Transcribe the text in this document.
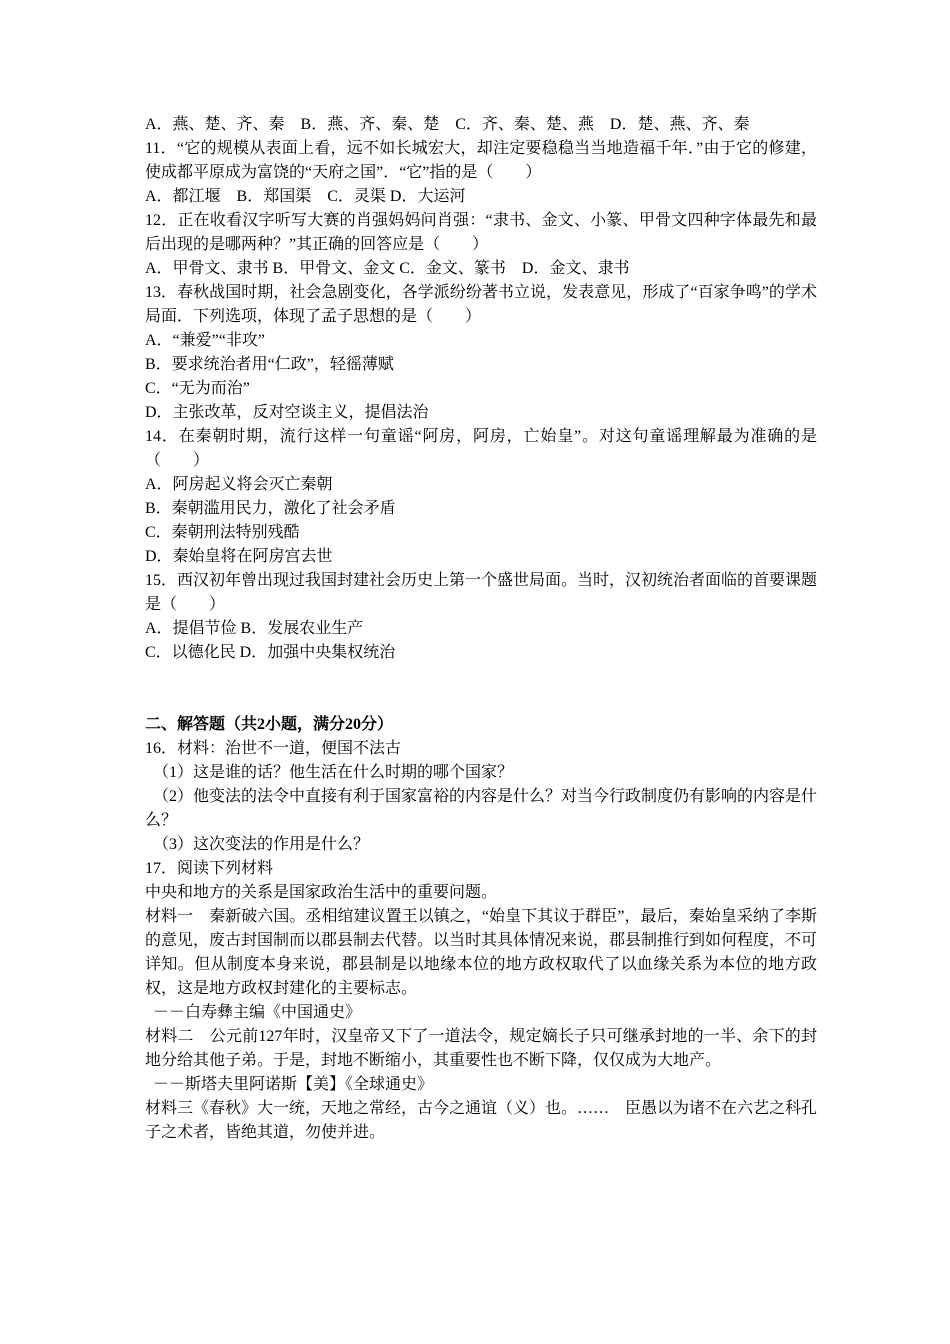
A．燕、楚、齐、秦　B．燕、齐、秦、楚　C．齐、秦、楚、燕　D．楚、燕、齐、秦

11．“它的规模从表面上看，远不如长城宏大，却注定要稳稳当当地造福千年．”由于它的修建，使成都平原成为富饶的“天府之国”．“它”指的是（　　）

A．都江堰　B．郑国渠　C．灵渠 D．大运河

12．正在收看汉字听写大赛的肖强妈妈问肖强：“隶书、金文、小篆、甲骨文四种字体最先和最后出现的是哪两种？”其正确的回答应是（　　）

A．甲骨文、隶书 B．甲骨文、金文 C．金文、篆书　D．金文、隶书

13．春秋战国时期，社会急剧变化，各学派纷纷著书立说，发表意见，形成了“百家争鸣”的学术局面．下列选项，体现了孟子思想的是（　　）

A．“兼爱”“非攻”

B．要求统治者用“仁政”，轻徭薄赋

C．“无为而治”

D．主张改革，反对空谈主义，提倡法治

14．在秦朝时期，流行这样一句童谣“阿房，阿房，亡始皇”。对这句童谣理解最为准确的是（　　）

A．阿房起义将会灭亡秦朝

B．秦朝滥用民力，激化了社会矛盾

C．秦朝刑法特别残酷

D．秦始皇将在阿房宫去世

15．西汉初年曾出现过我国封建社会历史上第一个盛世局面。当时，汉初统治者面临的首要课题是（　　）

A．提倡节俭 B．发展农业生产

C．以德化民 D．加强中央集权统治

二、解答题（共2小题，满分20分）

16．材料：治世不一道，便国不法古

（1）这是谁的话？他生活在什么时期的哪个国家？

（2）他变法的法令中直接有利于国家富裕的内容是什么？对当今行政制度仍有影响的内容是什么？

（3）这次变法的作用是什么？

17．阅读下列材料

中央和地方的关系是国家政治生活中的重要问题。

材料一　秦新破六国。丞相绾建议置王以镇之，“始皇下其议于群臣”，最后，秦始皇采纳了李斯的意见，废古封国制而以郡县制去代替。以当时其具体情况来说，郡县制推行到如何程度，不可详知。但从制度本身来说，郡县制是以地缘本位的地方政权取代了以血缘关系为本位的地方政权，这是地方政权封建化的主要标志。

－－白寿彝主编《中国通史》

材料二　公元前127年时，汉皇帝又下了一道法令，规定嫡长子只可继承封地的一半、余下的封地分给其他子弟。于是，封地不断缩小，其重要性也不断下降，仅仅成为大地产。

－－斯塔夫里阿诺斯【美】《全球通史》

材料三《春秋》大一统，天地之常经，古今之通谊（义）也。……　臣愚以为诸不在六艺之科孔子之术者，皆绝其道，勿使并进。
